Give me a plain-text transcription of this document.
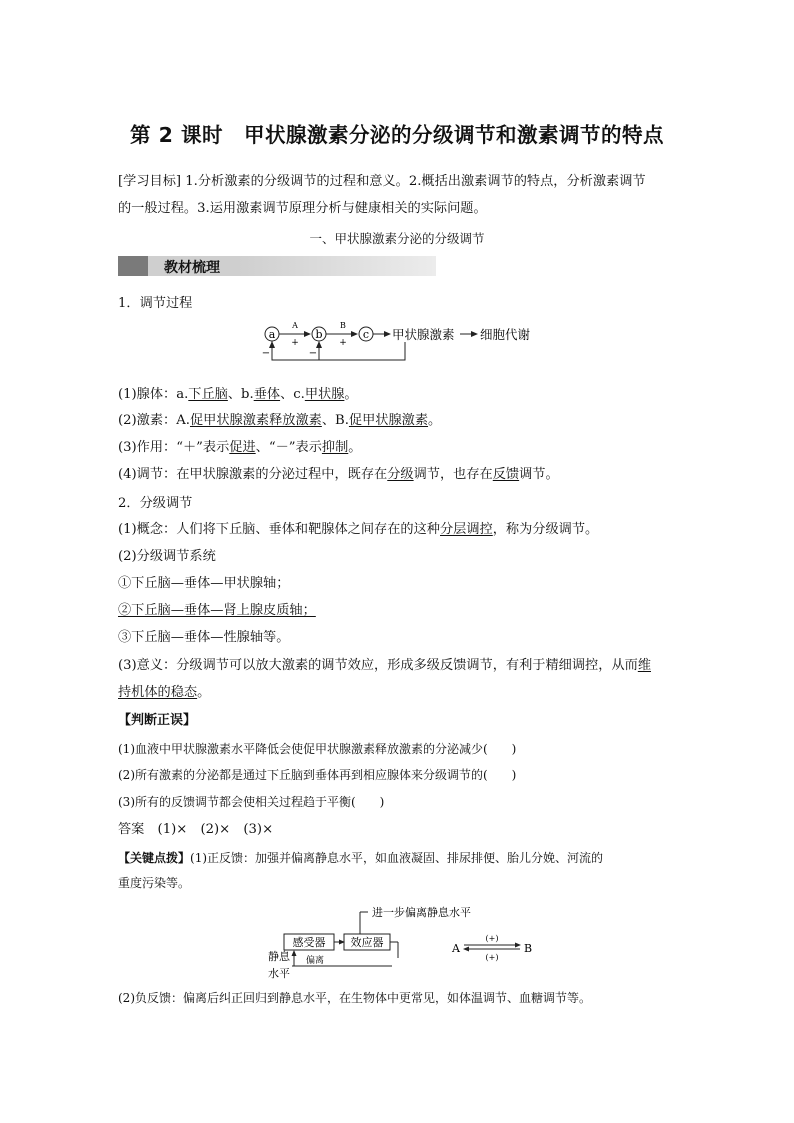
第 2 课时　甲状腺激素分泌的分级调节和激素调节的特点
[学习目标] 1.分析激素的分级调节的过程和意义。2.概括出激素调节的特点，分析激素调节
的一般过程。3.运用激素调节原理分析与健康相关的实际问题。
一、甲状腺激素分泌的分级调节
教材梳理
1．调节过程
a
A
+
b
B
+
c 甲状腺激素 细胞代谢
−	−
(1)腺体：a.下丘脑、b.垂体、c.甲状腺。
(2)激素：A.促甲状腺激素释放激素、B.促甲状腺激素。
(3)作用：“＋”表示促进、“－”表示抑制。
(4)调节：在甲状腺激素的分泌过程中，既存在分级调节，也存在反馈调节。
2．分级调节
(1)概念：人们将下丘脑、垂体和靶腺体之间存在的这种分层调控，称为分级调节。
(2)分级调节系统
①下丘脑—垂体—甲状腺轴；
②下丘脑—垂体—肾上腺皮质轴；
③下丘脑—垂体—性腺轴等。
(3)意义：分级调节可以放大激素的调节效应，形成多级反馈调节，有利于精细调控，从而维
持机体的稳态。
【判断正误】
(1)血液中甲状腺激素水平降低会使促甲状腺激素释放激素的分泌减少(　　)
(2)所有激素的分泌都是通过下丘脑到垂体再到相应腺体来分级调节的(　　)
(3)所有的反馈调节都会使相关过程趋于平衡(　　)
答案　(1)×　(2)×　(3)×
【关键点拨】(1)正反馈：加强并偏离静息水平，如血液凝固、排尿排便、胎儿分娩、河流的
重度污染等。
进一步偏离静息水平
感受器 效应器
静息
水平
偏离
A	B
(+)
(+)
(2)负反馈：偏离后纠正回归到静息水平，在生物体中更常见，如体温调节、血糖调节等。
